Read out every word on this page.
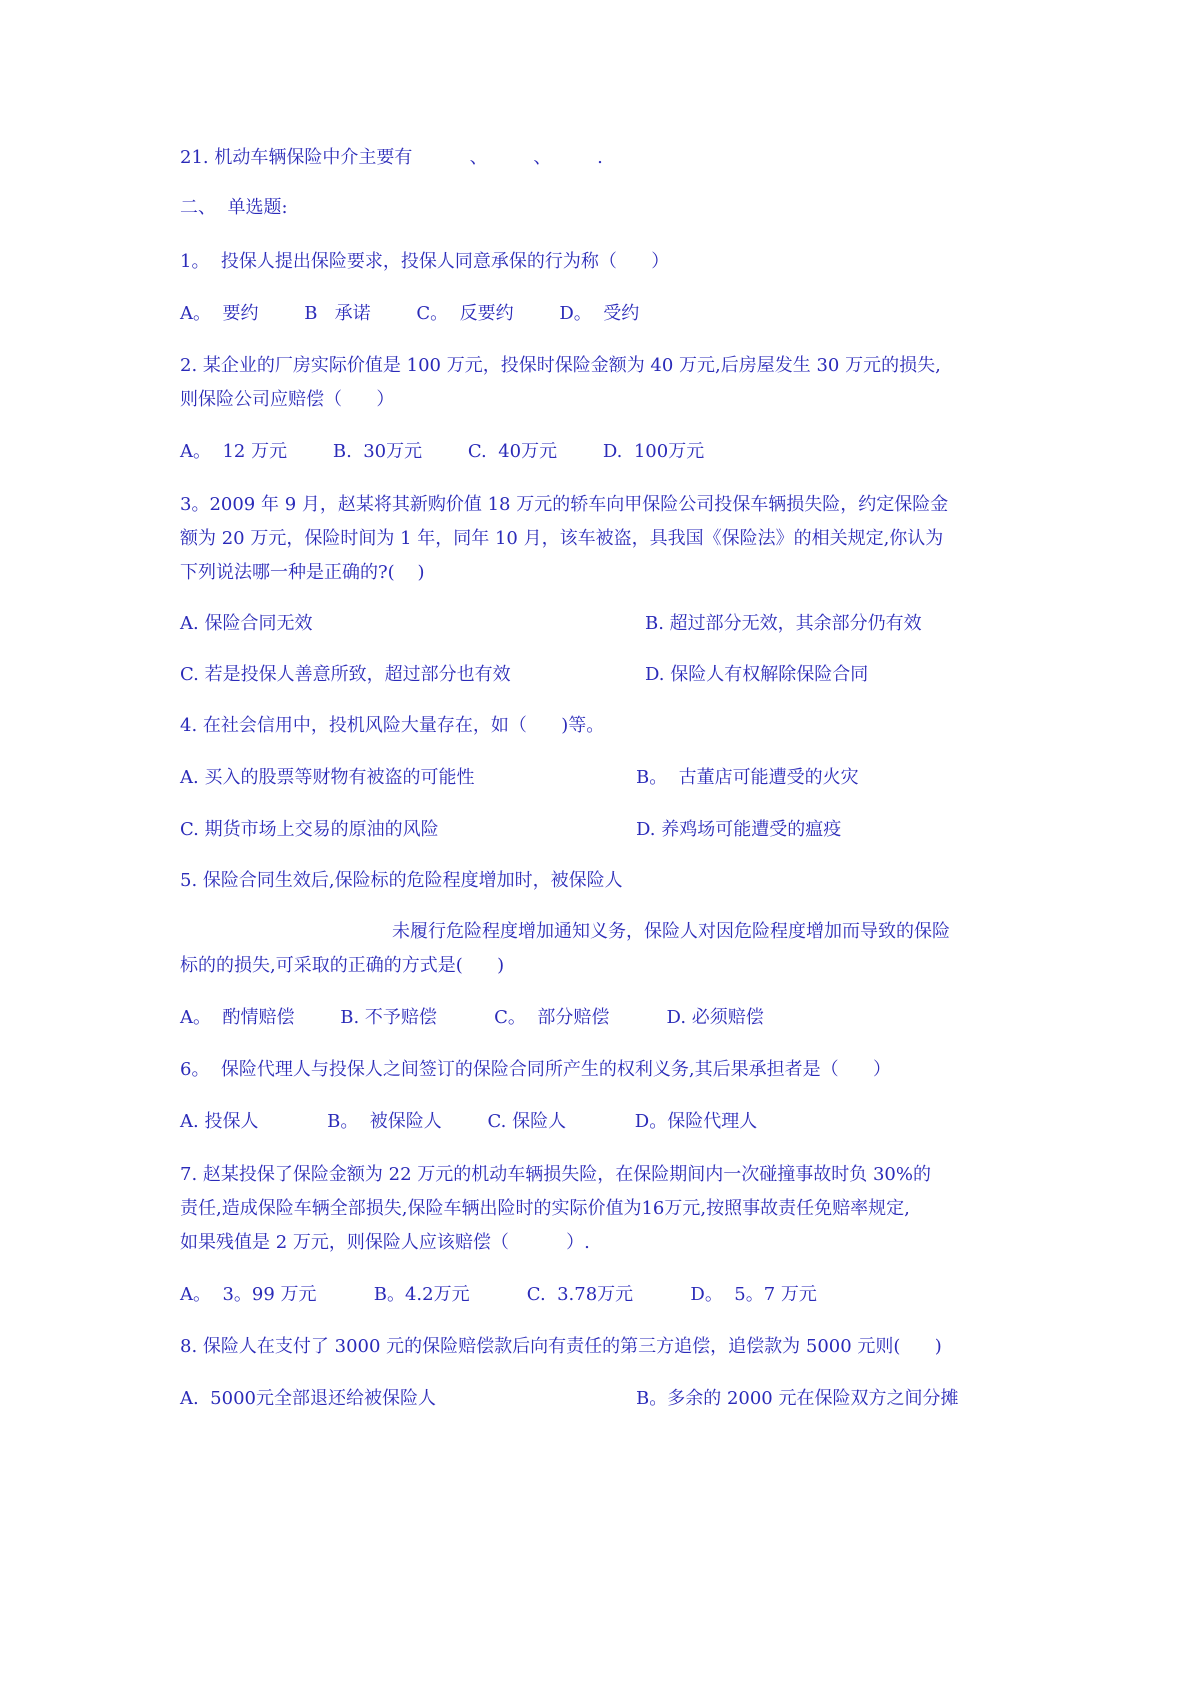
21. 机动车辆保险中介主要有          、        、        .
二、  单选题:
1。  投保人提出保险要求，投保人同意承保的行为称（      ）
A。  要约        B   承诺        C。  反要约        D。  受约
2. 某企业的厂房实际价值是 100 万元，投保时保险金额为 40 万元,后房屋发生 30 万元的损失,
则保险公司应赔偿（      ）
A。  12 万元        B.  30万元        C.  40万元        D.  100万元
3。2009 年 9 月，赵某将其新购价值 18 万元的轿车向甲保险公司投保车辆损失险，约定保险金
额为 20 万元，保险时间为 1 年，同年 10 月，该车被盗，具我国《保险法》的相关规定,你认为
下列说法哪一种是正确的?(    )
A. 保险合同无效	B. 超过部分无效，其余部分仍有效
C. 若是投保人善意所致，超过部分也有效	D. 保险人有权解除保险合同
4. 在社会信用中，投机风险大量存在，如（      )等。
A. 买入的股票等财物有被盗的可能性	B。  古董店可能遭受的火灾
C. 期货市场上交易的原油的风险	D. 养鸡场可能遭受的瘟疫
5. 保险合同生效后,保险标的危险程度增加时，被保险人
未履行危险程度增加通知义务，保险人对因危险程度增加而导致的保险
标的的损失,可采取的正确的方式是(      )
A。  酌情赔偿        B. 不予赔偿          C。  部分赔偿          D. 必须赔偿
6。  保险代理人与投保人之间签订的保险合同所产生的权利义务,其后果承担者是（      ）
A. 投保人            B。  被保险人        C. 保险人            D。保险代理人
7. 赵某投保了保险金额为 22 万元的机动车辆损失险，在保险期间内一次碰撞事故时负 30%的
责任,造成保险车辆全部损失,保险车辆出险时的实际价值为16万元,按照事故责任免赔率规定,
如果残值是 2 万元，则保险人应该赔偿（          ）.
A。  3。99 万元          B。4.2万元          C.  3.78万元          D。  5。7 万元
8. 保险人在支付了 3000 元的保险赔偿款后向有责任的第三方追偿，追偿款为 5000 元则(      )
A.  5000元全部退还给被保险人	B。多余的 2000 元在保险双方之间分摊
